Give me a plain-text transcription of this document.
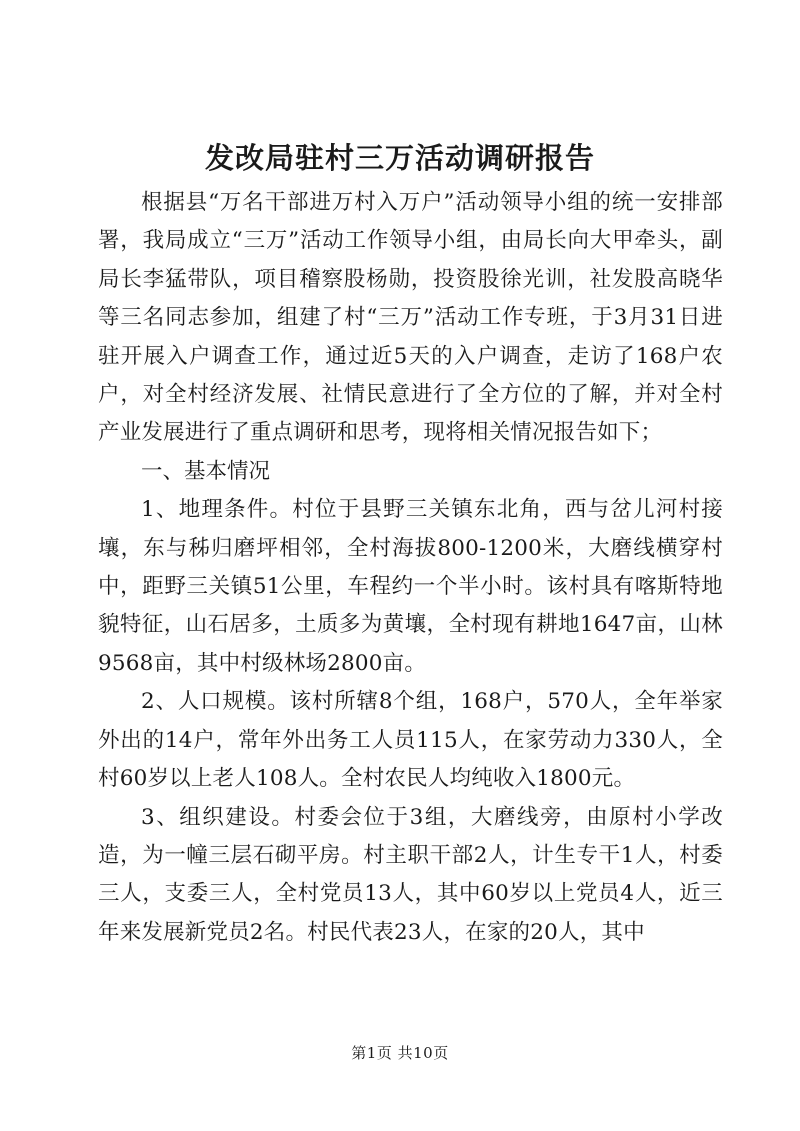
发改局驻村三万活动调研报告

根据县“万名干部进万村入万户”活动领导小组的统一安排部署，我局成立“三万”活动工作领导小组，由局长向大甲牵头，副局长李猛带队，项目稽察股杨勋，投资股徐光训，社发股高晓华等三名同志参加，组建了村“三万”活动工作专班，于3月31日进驻开展入户调查工作，通过近5天的入户调查，走访了168户农户，对全村经济发展、社情民意进行了全方位的了解，并对全村产业发展进行了重点调研和思考，现将相关情况报告如下；

一、基本情况

1、地理条件。村位于县野三关镇东北角，西与岔儿河村接壤，东与秭归磨坪相邻，全村海拔800-1200米，大磨线横穿村中，距野三关镇51公里，车程约一个半小时。该村具有喀斯特地貌特征，山石居多，土质多为黄壤，全村现有耕地1647亩，山林9568亩，其中村级林场2800亩。

2、人口规模。该村所辖8个组，168户，570人，全年举家外出的14户，常年外出务工人员115人，在家劳动力330人，全村60岁以上老人108人。全村农民人均纯收入1800元。

3、组织建设。村委会位于3组，大磨线旁，由原村小学改造，为一幢三层石砌平房。村主职干部2人，计生专干1人，村委三人，支委三人，全村党员13人，其中60岁以上党员4人，近三年来发展新党员2名。村民代表23人，在家的20人，其中

第1页 共10页
